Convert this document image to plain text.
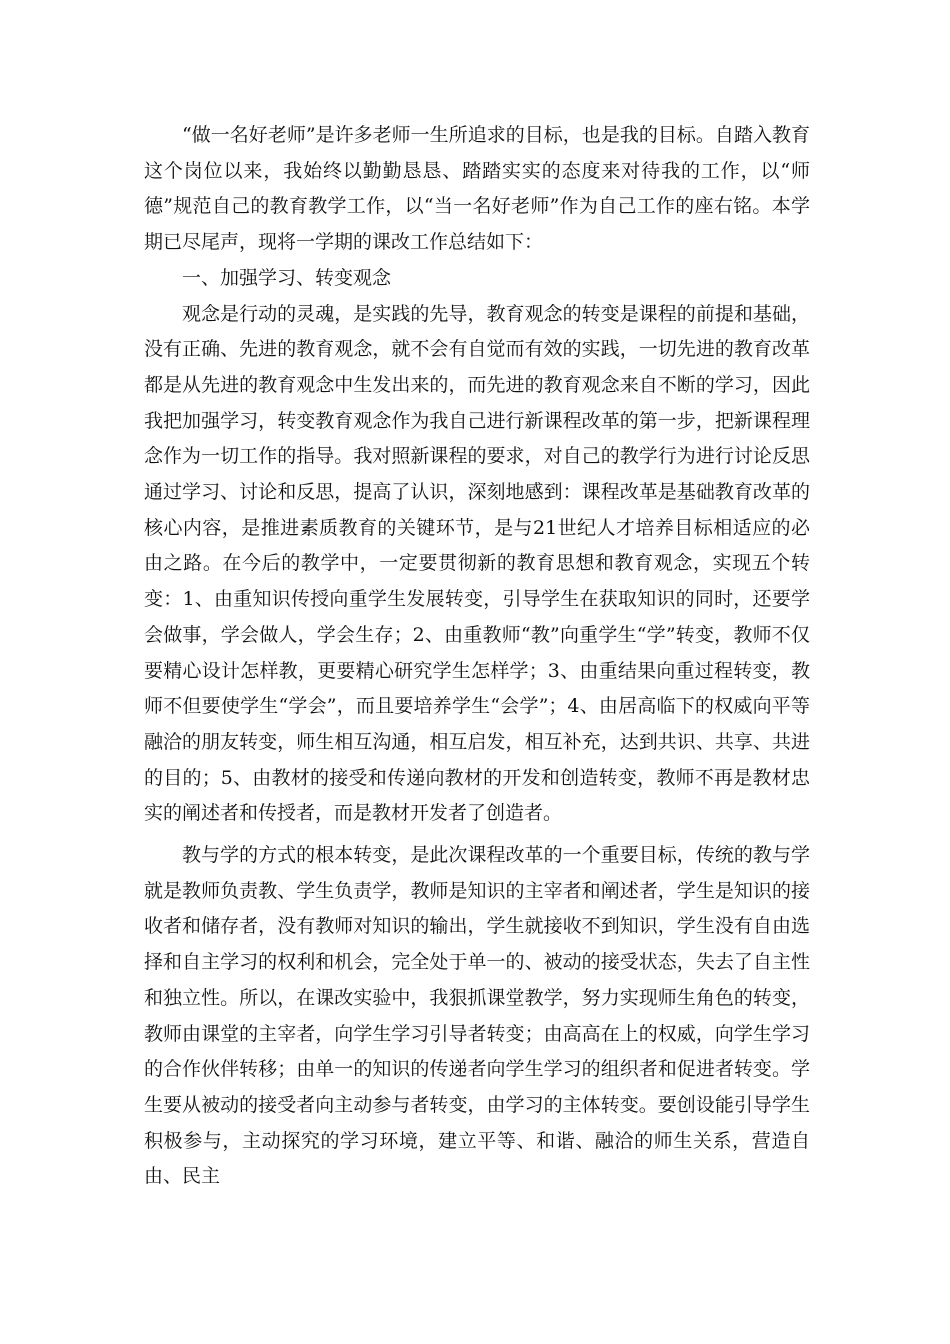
“做一名好老师”是许多老师一生所追求的目标，也是我的目标。自踏入教育这个岗位以来，我始终以勤勤恳恳、踏踏实实的态度来对待我的工作，以“师德”规范自己的教育教学工作，以“当一名好老师”作为自己工作的座右铭。本学期已尽尾声，现将一学期的课改工作总结如下：

一、加强学习、转变观念

观念是行动的灵魂，是实践的先导，教育观念的转变是课程的前提和基础，没有正确、先进的教育观念，就不会有自觉而有效的实践，一切先进的教育改革都是从先进的教育观念中生发出来的，而先进的教育观念来自不断的学习，因此我把加强学习，转变教育观念作为我自己进行新课程改革的第一步，把新课程理念作为一切工作的指导。我对照新课程的要求，对自己的教学行为进行讨论反思通过学习、讨论和反思，提高了认识，深刻地感到：课程改革是基础教育改革的核心内容，是推进素质教育的关键环节，是与21世纪人才培养目标相适应的必由之路。在今后的教学中，一定要贯彻新的教育思想和教育观念，实现五个转变：1、由重知识传授向重学生发展转变，引导学生在获取知识的同时，还要学会做事，学会做人，学会生存；2、由重教师“教”向重学生“学”转变，教师不仅要精心设计怎样教，更要精心研究学生怎样学；3、由重结果向重过程转变，教师不但要使学生“学会”，而且要培养学生“会学”；4、由居高临下的权威向平等融洽的朋友转变，师生相互沟通，相互启发，相互补充，达到共识、共享、共进的目的；5、由教材的接受和传递向教材的开发和创造转变，教师不再是教材忠实的阐述者和传授者，而是教材开发者了创造者。

教与学的方式的根本转变，是此次课程改革的一个重要目标，传统的教与学就是教师负责教、学生负责学，教师是知识的主宰者和阐述者，学生是知识的接收者和储存者，没有教师对知识的输出，学生就接收不到知识，学生没有自由选择和自主学习的权利和机会，完全处于单一的、被动的接受状态，失去了自主性和独立性。所以，在课改实验中，我狠抓课堂教学，努力实现师生角色的转变，教师由课堂的主宰者，向学生学习引导者转变；由高高在上的权威，向学生学习的合作伙伴转移；由单一的知识的传递者向学生学习的组织者和促进者转变。学生要从被动的接受者向主动参与者转变，由学习的主体转变。要创设能引导学生积极参与，主动探究的学习环境，建立平等、和谐、融洽的师生关系，营造自由、民主
